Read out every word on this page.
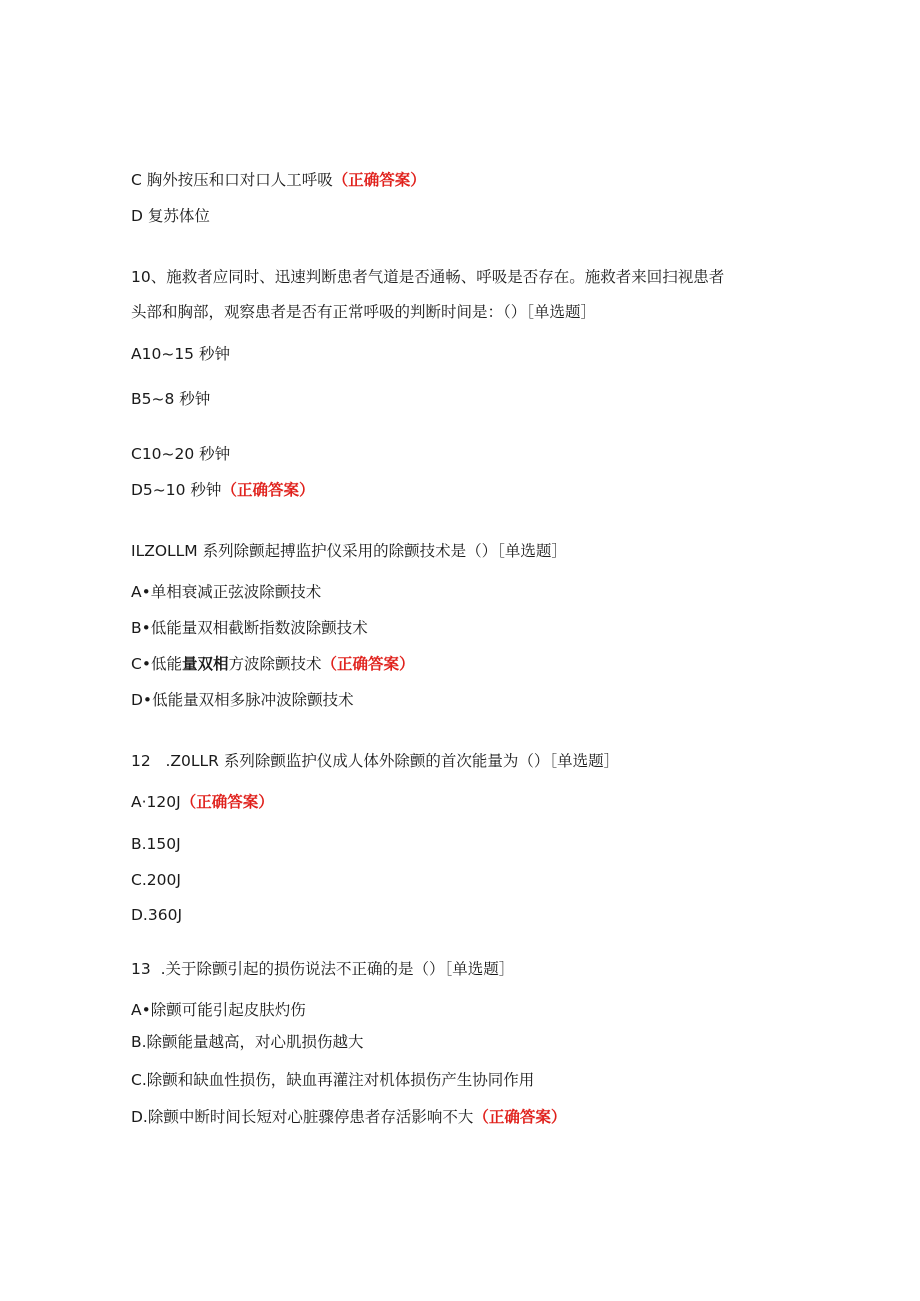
C 胸外按压和口对口人工呼吸（正确答案）
D 复苏体位
10、施救者应同时、迅速判断患者气道是否通畅、呼吸是否存在。施救者来回扫视患者
头部和胸部，观察患者是否有正常呼吸的判断时间是：（）［单选题］
A10~15 秒钟
B5~8 秒钟
C10~20 秒钟
D5~10 秒钟（正确答案）
ILZOLLM 系列除颤起搏监护仪采用的除颤技术是（）［单选题］
A•单相衰减正弦波除颤技术
B•低能量双相截断指数波除颤技术
C•低能量双相方波除颤技术（正确答案）
D•低能量双相多脉冲波除颤技术
12   .Z0LLR 系列除颤监护仪成人体外除颤的首次能量为（）［单选题］
A·120J（正确答案）
B.150J
C.200J
D.360J
13  .关于除颤引起的损伤说法不正确的是（）［单选题］
A•除颤可能引起皮肤灼伤
B.除颤能量越高，对心肌损伤越大
C.除颤和缺血性损伤，缺血再灌注对机体损伤产生协同作用
D.除颤中断时间长短对心脏骤停患者存活影响不大（正确答案）
